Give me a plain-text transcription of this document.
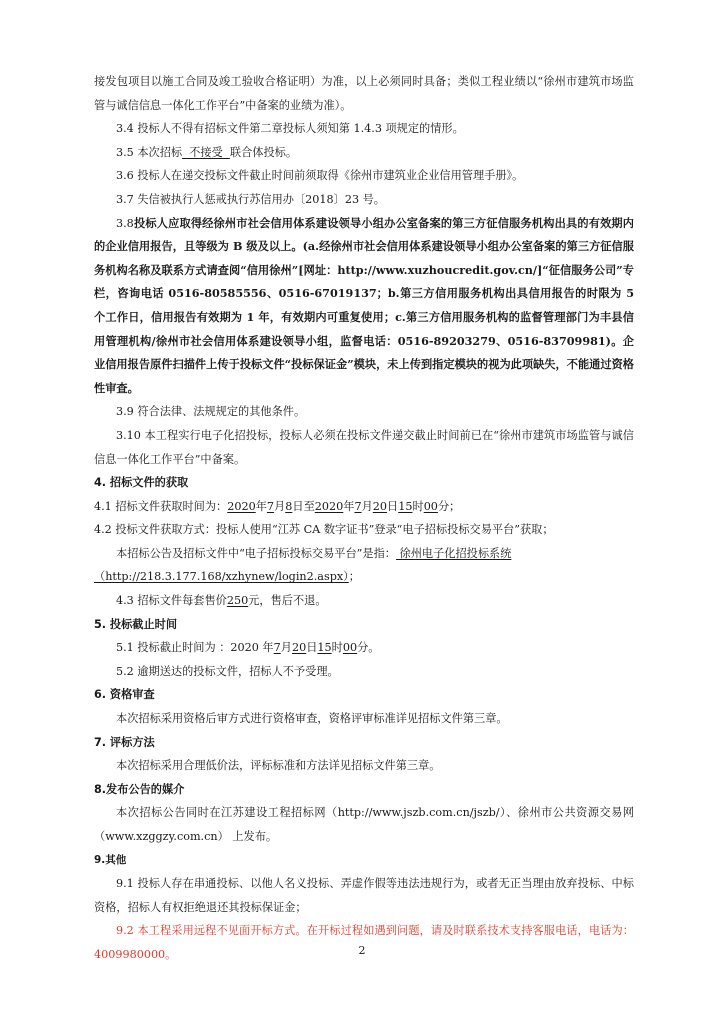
接发包项目以施工合同及竣工验收合格证明）为准，以上必须同时具备；类似工程业绩以“徐州市建筑市场监管与诚信信息一体化工作平台”中备案的业绩为准）。

3.4 投标人不得有招标文件第二章投标人须知第 1.4.3 项规定的情形。

3.5 本次招标  不接受  联合体投标。

3.6 投标人在递交投标文件截止时间前须取得《徐州市建筑业企业信用管理手册》。

3.7 失信被执行人惩戒执行苏信用办〔2018〕23 号。

3.8投标人应取得经徐州市社会信用体系建设领导小组办公室备案的第三方征信服务机构出具的有效期内的企业信用报告，且等级为 B 级及以上。(a.经徐州市社会信用体系建设领导小组办公室备案的第三方征信服务机构名称及联系方式请查阅“信用徐州”[网址：http://www.xuzhoucredit.gov.cn/]“征信服务公司”专栏，咨询电话 0516-80585556、0516-67019137；b.第三方信用服务机构出具信用报告的时限为 5 个工作日，信用报告有效期为 1 年，有效期内可重复使用；c.第三方信用服务机构的监督管理部门为丰县信用管理机构/徐州市社会信用体系建设领导小组，监督电话：0516-89203279、0516-83709981)。企业信用报告原件扫描件上传于投标文件“投标保证金”模块，未上传到指定模块的视为此项缺失，不能通过资格性审查。

3.9 符合法律、法规规定的其他条件。

3.10 本工程实行电子化招投标，投标人必须在投标文件递交截止时间前已在“徐州市建筑市场监管与诚信信息一体化工作平台”中备案。

4. 招标文件的获取

4.1 招标文件获取时间为：2020年7月8日至2020年7月20日15时00分；

4.2 投标文件获取方式：投标人使用“江苏 CA 数字证书”登录“电子招标投标交易平台”获取；

本招标公告及招标文件中“电子招标投标交易平台”是指： 徐州电子化招投标系统
（http://218.3.177.168/xzhynew/login2.aspx）；

4.3 招标文件每套售价250元，售后不退。

5. 投标截止时间

5.1 投标截止时间为 ：2020 年7月20日15时00分。

5.2 逾期送达的投标文件，招标人不予受理。

6. 资格审查

本次招标采用资格后审方式进行资格审查，资格评审标准详见招标文件第三章。

7. 评标方法

本次招标采用合理低价法，评标标准和方法详见招标文件第三章。

8.发布公告的媒介

本次招标公告同时在江苏建设工程招标网（http://www.jszb.com.cn/jszb/）、徐州市公共资源交易网（www.xzggzy.com.cn） 上发布。

9.其他

9.1 投标人存在串通投标、以他人名义投标、弄虚作假等违法违规行为，或者无正当理由放弃投标、中标资格，招标人有权拒绝退还其投标保证金；

9.2 本工程采用远程不见面开标方式。在开标过程如遇到问题，请及时联系技术支持客服电话，电话为：4009980000。	2
